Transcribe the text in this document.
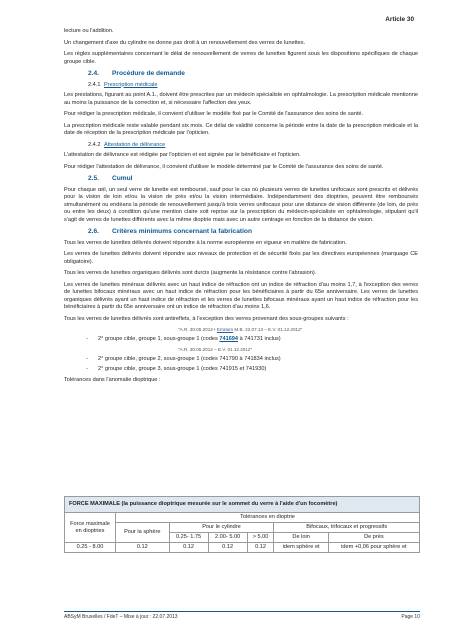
Article 30

lecture ou l'addition.

Un changement d'axe du cylindre ne donne pas droit à un renouvellement des verres de lunettes.

Les règles supplémentaires concernant le délai de renouvellement de verres de lunettes figurent sous les dispositions spécifiques de chaque groupe cible.

2.4. Procédure de demande
2.4.1 Prescription médicale

Les prestations, figurant au point A.1., doivent être prescrites par un médecin spécialiste en ophtalmologie. La prescription médicale mentionne au moins la puissance de la correction et, si nécessaire l'affection des yeux.

Pour rédiger la prescription médicale, il convient d'utiliser le modèle fixé par le Comité de l'assurance des soins de santé.

La prescription médicale reste valable pendant six mois. Ce délai de validité concerne la période entre la date de la prescription médicale et la date de réception de la prescription médicale par l'opticien.

2.4.2 Attestation de délivrance

L'attestation de délivrance est rédigée par l'opticien et est signée par le bénéficiaire et l'opticien.

Pour rédiger l'attestation de délivrance, il convient d'utiliser le modèle déterminé par le Comité de l'assurance des soins de santé.

2.5. Cumul

Pour chaque œil, un seul verre de lunette est remboursé, sauf pour le cas où plusieurs verres de lunettes unifocaux sont prescrits et délivrés pour la vision de loin et/ou la vision de près et/ou la vision intermédiaire. Indépendamment des dioptries, peuvent être remboursés simultanément ou endéans la période de renouvellement jusqu'à trois verres unifocaux pour une distance de vision différente (de loin, de près ou entre les deux) à condition qu'une mention claire soit reprise sur la prescription du médecin-spécialiste en ophtalmologie, stipulant qu'il s'agit de verres de lunettes différents avec la même dioptrie mais avec un autre centrage en fonction de la distance de vision.

2.6. Critères minimums concernant la fabrication

Tous les verres de lunettes délivrés doivent répondre à la norme européenne en vigueur en matière de fabrication.

Les verres de lunettes délivrés doivent répondre aux niveaux de protection et de sécurité fixés par les directives européennes (marquage CE obligatoire).

Tous les verres de lunettes organiques délivrés sont durcis (augmente la résistance contre l'abrasion).

Les verres de lunettes minéraux délivrés avec un haut indice de réfraction ont un indice de réfraction d'au moins 1,7, à l'exception des verres de lunettes bifocaux minéraux avec un haut indice de réfraction pour les bénéficiaires à partir du 65e anniversaire. Les verres de lunettes organiques délivrés ayant un haut indice de réfraction et les verres de lunettes bifocaux minéraux ayant un haut indice de réfraction pour les bénéficiaires à partir du 65e anniversaire ont un indice de réfraction d'au moins 1,6.

Tous les verres de lunettes délivrés sont antireflets, à l'exception des verres provenant des sous-groupes suivants :

"A.R. 30.05.2012+ Erratum M.B. 22.07.13 – E.V. 01.12.2012"
- 2° groupe cible, groupe 1, sous-groupe 1 (codes 741694 à 741731 inclus)
"A.R. 30.05.2012 – E.V. 01.12.2012"
- 2° groupe cible, groupe 2, sous-groupe 1 (codes 741790 à 741834 inclus)
- 2° groupe cible, groupe 3, sous-groupe 1 (codes 741915 et 741930)

Tolérances dans l'anomalie dioptrique :

FORCE MAXIMALE (la puissance dioptrique mesurée sur le sommet du verre à l'aide d'un focomètre)						
Force maximale en dioptries	Tolérances en dioptrie					
	Pour la sphère	Pour le cylindre			Bifocaux, trifocaux et progressifs	
		0.25- 1.75	2.00- 5.00	> 5.00	De loin	De près
0.25 - 8.00	0.12	0.12	0.12	0.12	idem sphère et	idem +0,06 pour sphère et
ABSyM Bruxelles / FdeT – Mise à jour : 22.07.2013	Page 10
